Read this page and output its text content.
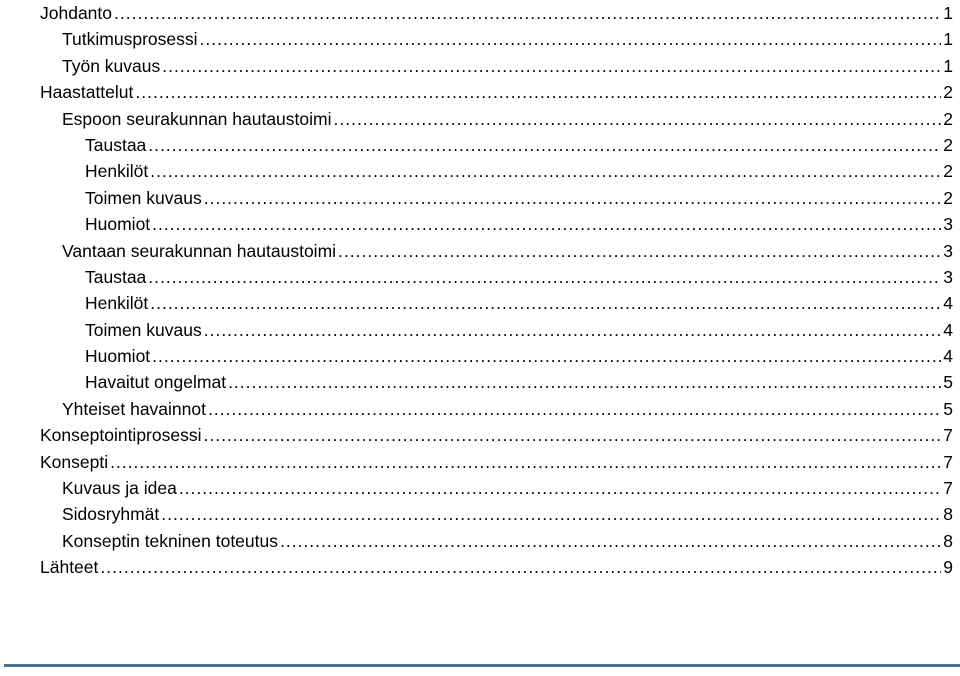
Johdanto .....	1
Tutkimusprosessi .....	1
Työn kuvaus .....	1
Haastattelut .....	2
Espoon seurakunnan hautaustoimi .....	2
Taustaa .....	2
Henkilöt .....	2
Toimen kuvaus .....	2
Huomiot .....	3
Vantaan seurakunnan hautaustoimi .....	3
Taustaa .....	3
Henkilöt .....	4
Toimen kuvaus .....	4
Huomiot .....	4
Havaitut ongelmat .....	5
Yhteiset havainnot .....	5
Konseptointiprosessi .....	7
Konsepti .....	7
Kuvaus ja idea .....	7
Sidosryhmät .....	8
Konseptin tekninen toteutus .....	8
Lähteet .....	9
